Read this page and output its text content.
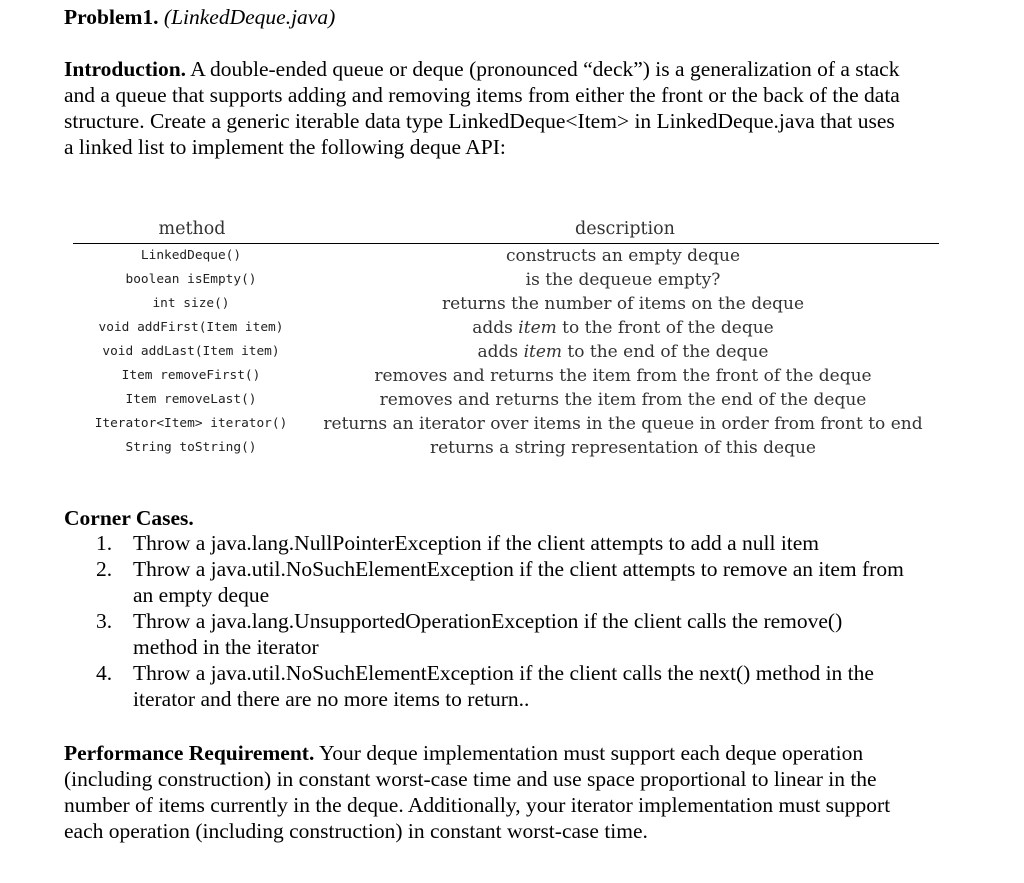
Problem1. (LinkedDeque.java)
Introduction. A double-ended queue or deque (pronounced “deck”) is a generalization of a stack
and a queue that supports adding and removing items from either the front or the back of the data
structure. Create a generic iterable data type LinkedDeque<Item> in LinkedDeque.java that uses
a linked list to implement the following deque API:
method	description
LinkedDeque()	constructs an empty deque
boolean isEmpty()	is the dequeue empty?
int size()	returns the number of items on the deque
void addFirst(Item item)	adds item to the front of the deque
void addLast(Item item)	adds item to the end of the deque
Item removeFirst()	removes and returns the item from the front of the deque
Item removeLast()	removes and returns the item from the end of the deque
Iterator<Item> iterator()	returns an iterator over items in the queue in order from front to end
String toString()	returns a string representation of this deque
Corner Cases.
1. Throw a java.lang.NullPointerException if the client attempts to add a null item
2. Throw a java.util.NoSuchElementException if the client attempts to remove an item from
an empty deque
3. Throw a java.lang.UnsupportedOperationException if the client calls the remove()
method in the iterator
4. Throw a java.util.NoSuchElementException if the client calls the next() method in the
iterator and there are no more items to return..
Performance Requirement. Your deque implementation must support each deque operation
(including construction) in constant worst-case time and use space proportional to linear in the
number of items currently in the deque. Additionally, your iterator implementation must support
each operation (including construction) in constant worst-case time.
